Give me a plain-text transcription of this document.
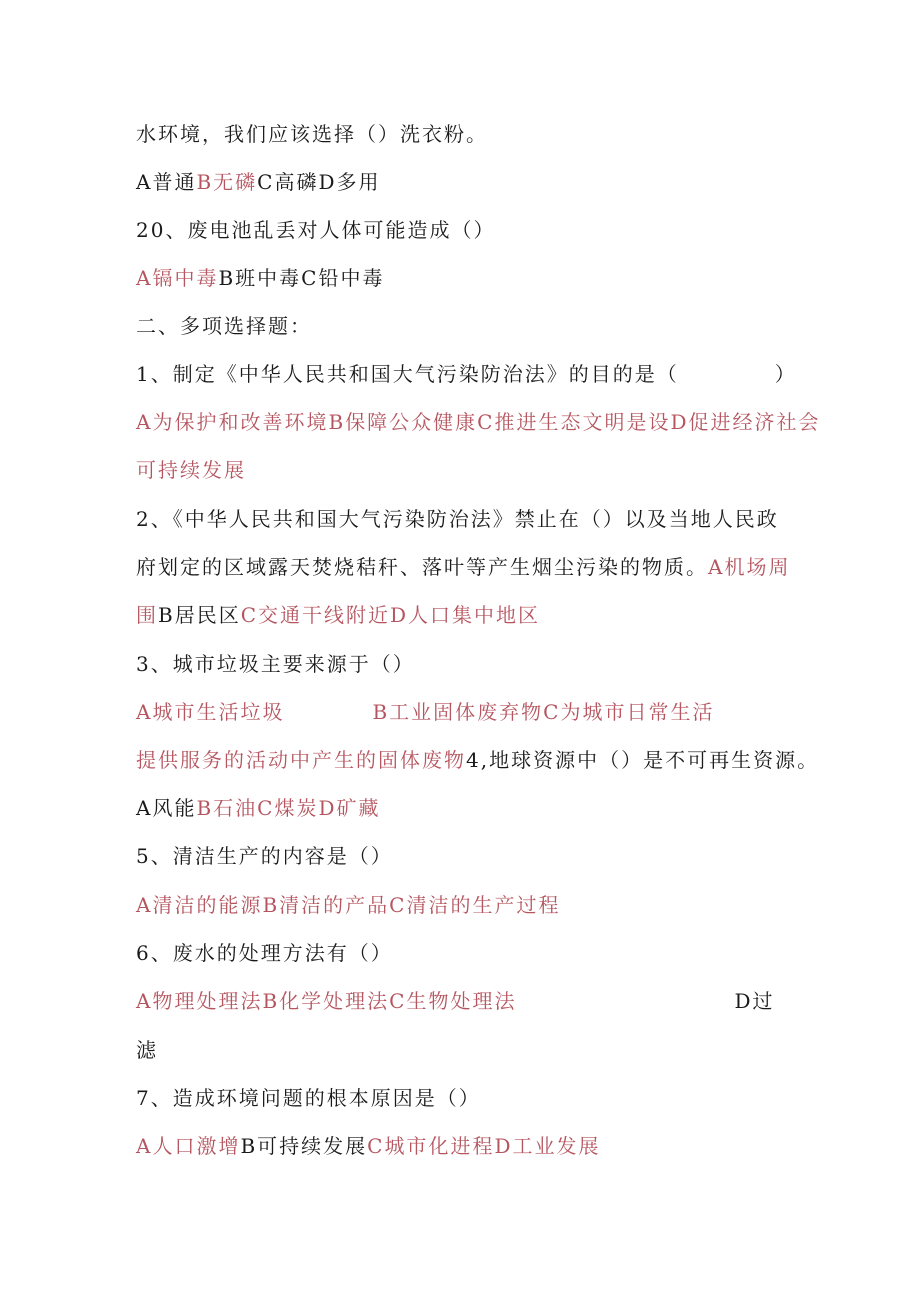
水环境，我们应该选择（）洗衣粉。
A普通B无磷C高磷D多用
20、废电池乱丢对人体可能造成（）
A镉中毒B班中毒C铅中毒
二、多项选择题：
1、制定《中华人民共和国大气污染防治法》的目的是（	）
A为保护和改善环境B保障公众健康C推进生态文明是设D促进经济社会
可持续发展
2、《中华人民共和国大气污染防治法》禁止在（）以及当地人民政
府划定的区域露天焚烧秸秆、落叶等产生烟尘污染的物质。A机场周
围B居民区C交通干线附近D人口集中地区
3、城市垃圾主要来源于（）
A城市生活垃圾	B工业固体废弃物C为城市日常生活
提供服务的活动中产生的固体废物4,地球资源中（）是不可再生资源。
A风能B石油C煤炭D矿藏
5、清洁生产的内容是（）
A清洁的能源B清洁的产品C清洁的生产过程
6、废水的处理方法有（）
A物理处理法B化学处理法C生物处理法	D过
滤
7、造成环境问题的根本原因是（）
A人口激增B可持续发展C城市化进程D工业发展
